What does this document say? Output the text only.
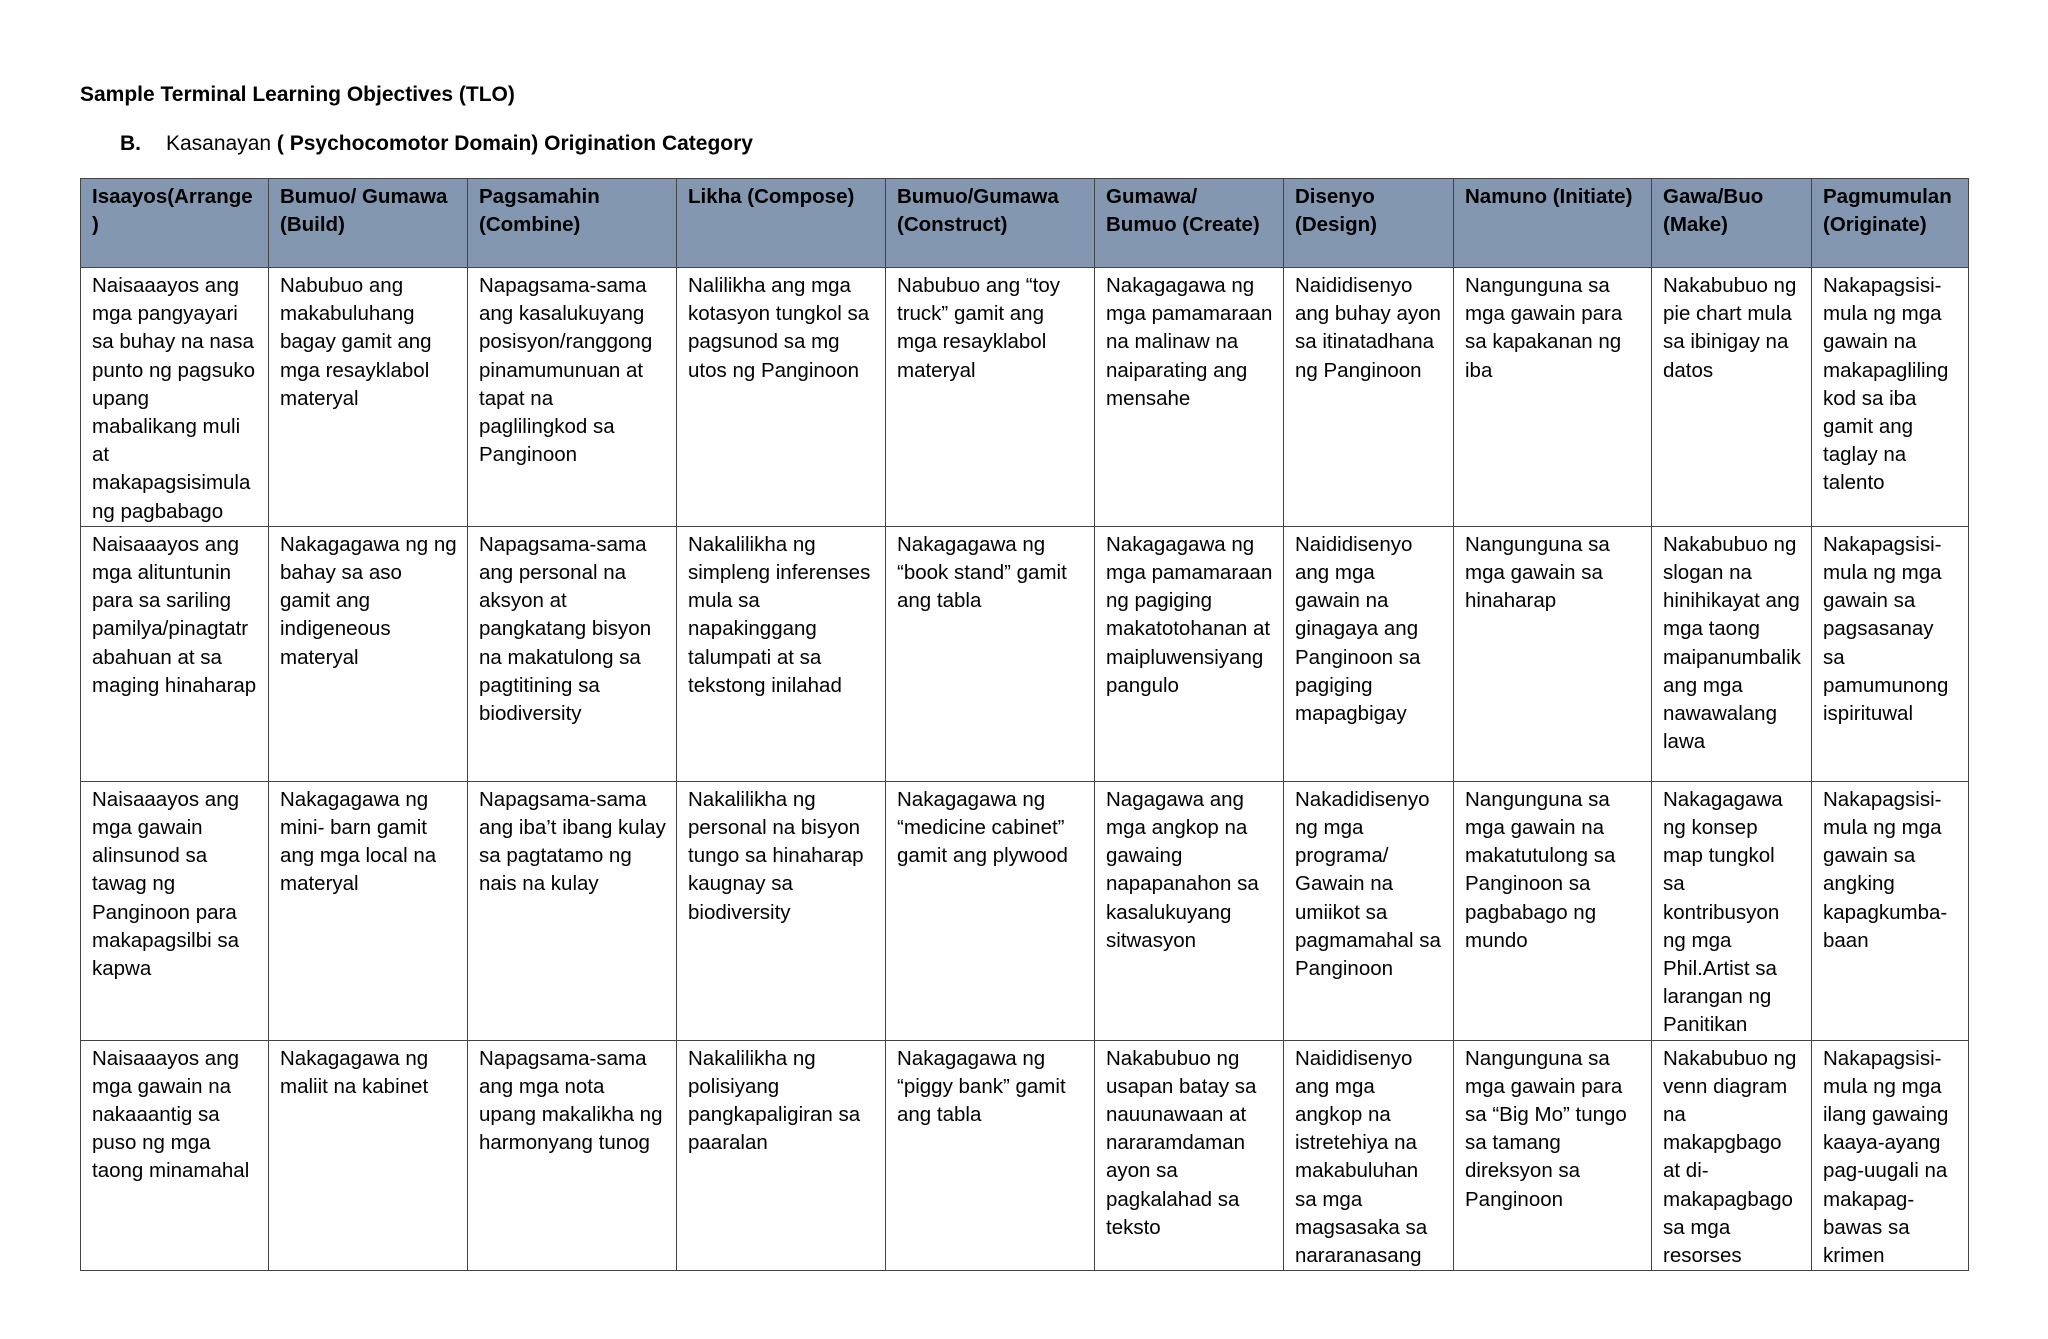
Sample Terminal Learning Objectives (TLO)
B. Kasanayan ( Psychocomotor Domain) Origination Category
Isaayos(Arrange)	Bumuo/ Gumawa (Build)	Pagsamahin (Combine)	Likha (Compose)	Bumuo/Gumawa (Construct)	Gumawa/ Bumuo (Create)	Disenyo (Design)	Namuno (Initiate)	Gawa/Buo (Make)	Pagmumulan (Originate)
Naisaaayos ang mga pangyayari sa buhay na nasa punto ng pagsuko upang mabalikang muli at makapagsisimula ng pagbabago	Nabubuo ang makabuluhang bagay gamit ang mga resayklabol materyal	Napagsama-sama ang kasalukuyang posisyon/ranggong pinamumunuan at tapat na paglilingkod sa Panginoon	Nalilikha ang mga kotasyon tungkol sa pagsunod sa mg utos ng Panginoon	Nabubuo ang “toy truck” gamit ang mga resayklabol materyal	Nakagagawa ng mga pamamaraan na malinaw na naiparating ang mensahe	Naididisenyo ang buhay ayon sa itinatadhana ng Panginoon	Nangunguna sa mga gawain para sa kapakanan ng iba	Nakabubuo ng pie chart mula sa ibinigay na datos	Nakapagsisi-mula ng mga gawain na makapaglilingkod sa iba gamit ang taglay na talento
Naisaaayos ang mga alituntunin para sa sariling pamilya/pinagtatrabahuan at sa maging hinaharap	Nakagagawa ng ng bahay sa aso gamit ang indigeneous materyal	Napagsama-sama ang personal na aksyon at pangkatang bisyon na makatulong sa pagtitining sa biodiversity	Nakalilikha ng simpleng inferenses mula sa napakinggang talumpati at sa tekstong inilahad	Nakagagawa ng “book stand” gamit ang tabla	Nakagagawa ng mga pamamaraan ng pagiging makatotohanan at maipluwensiyang pangulo	Naididisenyo ang mga gawain na ginagaya ang Panginoon sa pagiging mapagbigay	Nangunguna sa mga gawain sa hinaharap	Nakabubuo ng slogan na hinihikayat ang mga taong maipanumbalik ang mga nawawalang lawa	Nakapagsisi-mula ng mga gawain sa pagsasanay sa pamumunong ispirituwal
Naisaaayos ang mga gawain alinsunod sa tawag ng Panginoon para makapagsilbi sa kapwa	Nakagagawa ng mini- barn gamit ang mga local na materyal	Napagsama-sama ang iba’t ibang kulay sa pagtatamo ng nais na kulay	Nakalilikha ng personal na bisyon tungo sa hinaharap kaugnay sa biodiversity	Nakagagawa ng “medicine cabinet” gamit ang plywood	Nagagawa ang mga angkop na gawaing napapanahon sa kasalukuyang sitwasyon	Nakadidisenyo ng mga programa/ Gawain na umiikot sa pagmamahal sa Panginoon	Nangunguna sa mga gawain na makatutulong sa Panginoon sa pagbabago ng mundo	Nakagagawa ng konsep map tungkol sa kontribusyon ng mga Phil.Artist sa larangan ng Panitikan	Nakapagsisi-mula ng mga gawain sa angking kapagkumba-baan
Naisaaayos ang mga gawain na nakaaantig sa puso ng mga taong minamahal	Nakagagawa ng maliit na kabinet	Napagsama-sama ang mga nota upang makalikha ng harmonyang tunog	Nakalilikha ng polisiyang pangkapaligiran sa paaralan	Nakagagawa ng “piggy bank” gamit ang tabla	Nakabubuo ng usapan batay sa nauunawaan at nararamdaman ayon sa pagkalahad sa teksto	Naididisenyo ang mga angkop na istretehiya na makabuluhan sa mga magsasaka sa nararanasang	Nangunguna sa mga gawain para sa “Big Mo” tungo sa tamang direksyon sa Panginoon	Nakabubuo ng venn diagram na makapgbago at di-makapagbago sa mga resorses	Nakapagsisi-mula ng mga ilang gawaing kaaya-ayang pag-uugali na makapag-bawas sa krimen
